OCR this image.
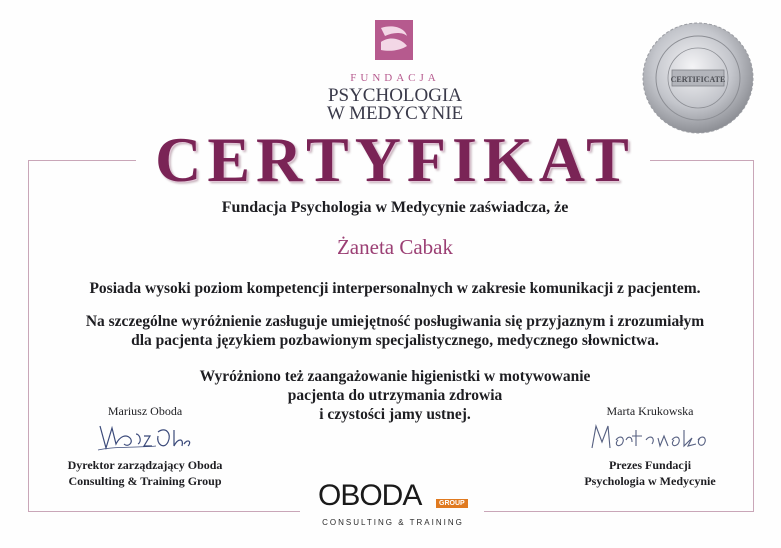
FUNDACJA
PSYCHOLOGIA
W MEDYCYNIE
CERTIFICATE
CERTYFIKAT
Fundacja Psychologia w Medycynie zaświadcza, że
Żaneta Cabak
Posiada wysoki poziom kompetencji interpersonalnych w zakresie komunikacji z pacjentem.
Na szczególne wyróżnienie zasługuje umiejętność posługiwania się przyjaznym i zrozumiałym
dla pacjenta językiem pozbawionym specjalistycznego, medycznego słownictwa.
Wyróżniono też zaangażowanie higienistki w motywowanie
pacjenta do utrzymania zdrowia
i czystości jamy ustnej.
Mariusz Oboda
Dyrektor zarządzający Oboda
Consulting & Training Group
Marta Krukowska
Prezes Fundacji
Psychologia w Medycynie
OBODA	GROUP
CONSULTING & TRAINING
